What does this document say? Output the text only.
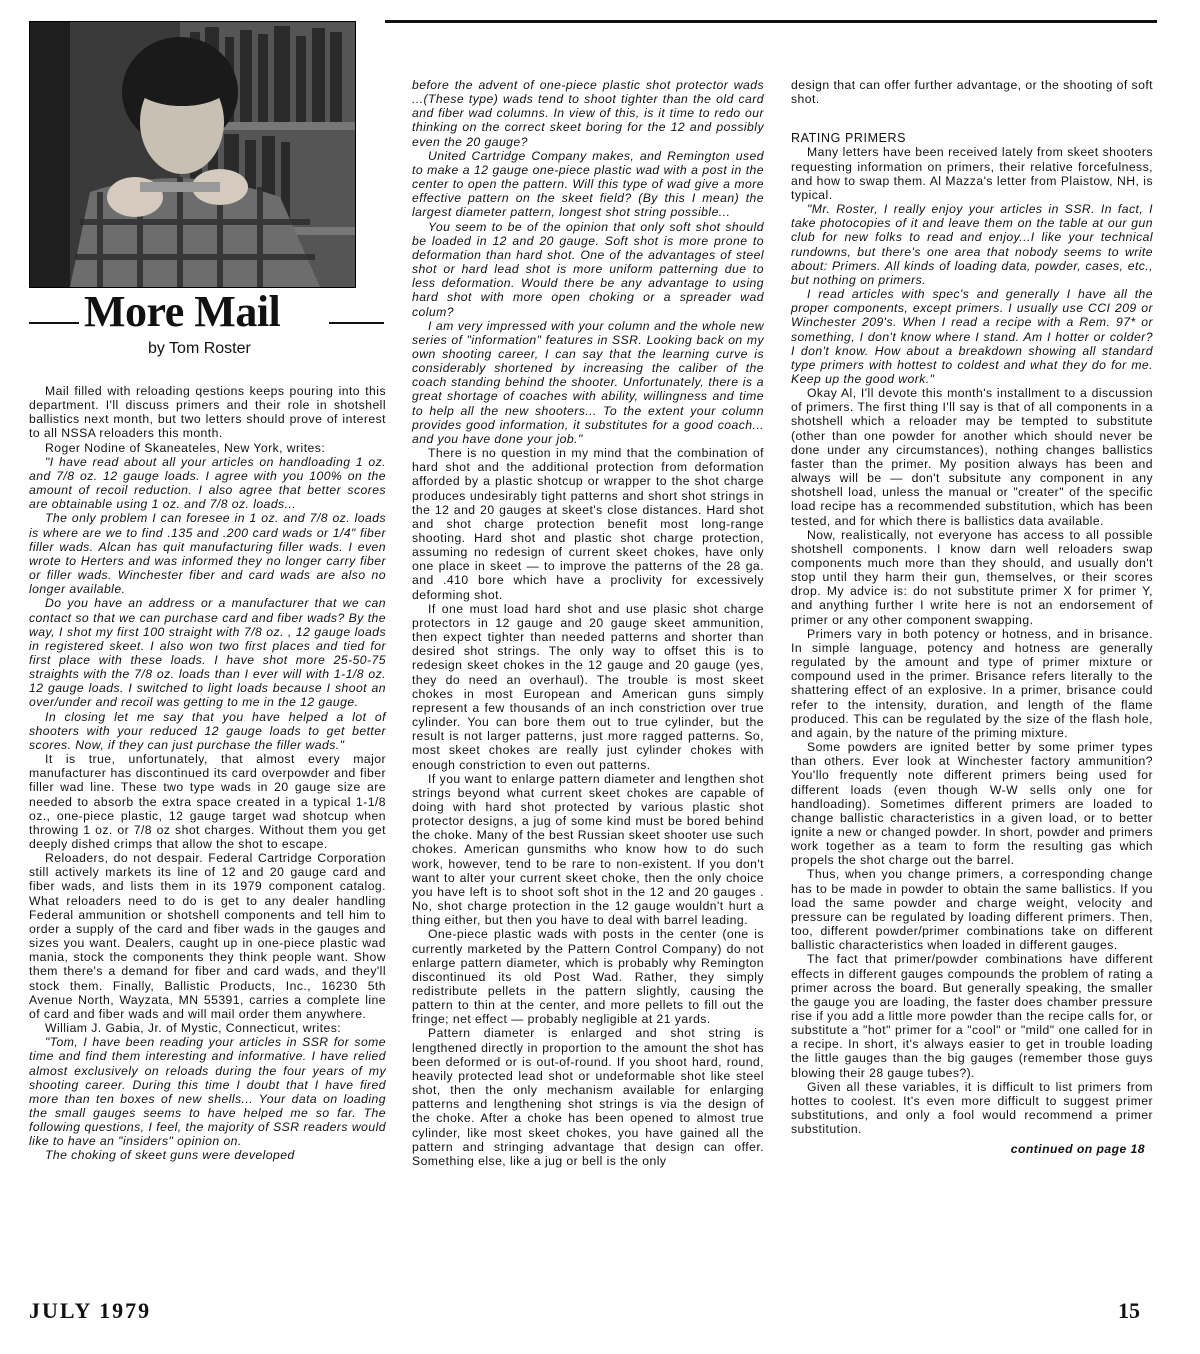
More Mail
by Tom Roster

Mail filled with reloading qestions keeps pouring into this department. I'll discuss primers and their role in shotshell ballistics next month, but two letters should prove of interest to all NSSA reloaders this month.

Roger Nodine of Skaneateles, New York, writes:

"I have read about all your articles on handloading 1 oz. and 7/8 oz. 12 gauge loads. I agree with you 100% on the amount of recoil reduction. I also agree that better scores are obtainable using 1 oz. and 7/8 oz. loads...

The only problem I can foresee in 1 oz. and 7/8 oz. loads is where are we to find .135 and .200 card wads or 1/4" fiber filler wads. Alcan has quit manufacturing filler wads. I even wrote to Herters and was informed they no longer carry fiber or filler wads. Winchester fiber and card wads are also no longer available.

Do you have an address or a manufacturer that we can contact so that we can purchase card and fiber wads? By the way, I shot my first 100 straight with 7/8 oz. , 12 gauge loads in registered skeet. I also won two first places and tied for first place with these loads. I have shot more 25-50-75 straights with the 7/8 oz. loads than I ever will with 1-1/8 oz. 12 gauge loads. I switched to light loads because I shoot an over/under and recoil was getting to me in the 12 gauge.

In closing let me say that you have helped a lot of shooters with your reduced 12 gauge loads to get better scores. Now, if they can just purchase the filler wads."

It is true, unfortunately, that almost every major manufacturer has discontinued its card overpowder and fiber filler wad line. These two type wads in 20 gauge size are needed to absorb the extra space created in a typical 1-1/8 oz., one-piece plastic, 12 gauge target wad shotcup when throwing 1 oz. or 7/8 oz shot charges. Without them you get deeply dished crimps that allow the shot to escape.

Reloaders, do not despair. Federal Cartridge Corporation still actively markets its line of 12 and 20 gauge card and fiber wads, and lists them in its 1979 component catalog. What reloaders need to do is get to any dealer handling Federal ammunition or shotshell components and tell him to order a supply of the card and fiber wads in the gauges and sizes you want. Dealers, caught up in one-piece plastic wad mania, stock the components they think people want. Show them there's a demand for fiber and card wads, and they'll stock them. Finally, Ballistic Products, Inc., 16230 5th Avenue North, Wayzata, MN 55391, carries a complete line of card and fiber wads and will mail order them anywhere.

William J. Gabia, Jr. of Mystic, Connecticut, writes:

"Tom, I have been reading your articles in SSR for some time and find them interesting and informative. I have relied almost exclusively on reloads during the four years of my shooting career. During this time I doubt that I have fired more than ten boxes of new shells... Your data on loading the small gauges seems to have helped me so far. The following questions, I feel, the majority of SSR readers would like to have an "insiders" opinion on.

The choking of skeet guns were developed

before the advent of one-piece plastic shot protector wads ...(These type) wads tend to shoot tighter than the old card and fiber wad columns. In view of this, is it time to redo our thinking on the correct skeet boring for the 12 and possibly even the 20 gauge?

United Cartridge Company makes, and Remington used to make a 12 gauge one-piece plastic wad with a post in the center to open the pattern. Will this type of wad give a more effective pattern on the skeet field? (By this I mean) the largest diameter pattern, longest shot string possible...

You seem to be of the opinion that only soft shot should be loaded in 12 and 20 gauge. Soft shot is more prone to deformation than hard shot. One of the advantages of steel shot or hard lead shot is more uniform patterning due to less deformation. Would there be any advantage to using hard shot with more open choking or a spreader wad colum?

I am very impressed with your column and the whole new series of "information" features in SSR. Looking back on my own shooting career, I can say that the learning curve is considerably shortened by increasing the caliber of the coach standing behind the shooter. Unfortunately, there is a great shortage of coaches with ability, willingness and time to help all the new shooters... To the extent your column provides good information, it substitutes for a good coach... and you have done your job."

There is no question in my mind that the combination of hard shot and the additional protection from deformation afforded by a plastic shotcup or wrapper to the shot charge produces undesirably tight patterns and short shot strings in the 12 and 20 gauges at skeet's close distances. Hard shot and shot charge protection benefit most long-range shooting. Hard shot and plastic shot charge protection, assuming no redesign of current skeet chokes, have only one place in skeet — to improve the patterns of the 28 ga. and .410 bore which have a proclivity for excessively deforming shot.

If one must load hard shot and use plasic shot charge protectors in 12 gauge and 20 gauge skeet ammunition, then expect tighter than needed patterns and shorter than desired shot strings. The only way to offset this is to redesign skeet chokes in the 12 gauge and 20 gauge (yes, they do need an overhaul). The trouble is most skeet chokes in most European and American guns simply represent a few thousands of an inch constriction over true cylinder. You can bore them out to true cylinder, but the result is not larger patterns, just more ragged patterns. So, most skeet chokes are really just cylinder chokes with enough constriction to even out patterns.

If you want to enlarge pattern diameter and lengthen shot strings beyond what current skeet chokes are capable of doing with hard shot protected by various plastic shot protector designs, a jug of some kind must be bored behind the choke. Many of the best Russian skeet shooter use such chokes. American gunsmiths who know how to do such work, however, tend to be rare to non-existent. If you don't want to alter your current skeet choke, then the only choice you have left is to shoot soft shot in the 12 and 20 gauges . No, shot charge protection in the 12 gauge wouldn't hurt a thing either, but then you have to deal with barrel leading.

One-piece plastic wads with posts in the center (one is currently marketed by the Pattern Control Company) do not enlarge pattern diameter, which is probably why Remington discontinued its old Post Wad. Rather, they simply redistribute pellets in the pattern slightly, causing the pattern to thin at the center, and more pellets to fill out the fringe; net effect — probably negligible at 21 yards.

Pattern diameter is enlarged and shot string is lengthened directly in proportion to the amount the shot has been deformed or is out-of-round. If you shoot hard, round, heavily protected lead shot or undeformable shot like steel shot, then the only mechanism available for enlarging patterns and lengthening shot strings is via the design of the choke. After a choke has been opened to almost true cylinder, like most skeet chokes, you have gained all the pattern and stringing advantage that design can offer. Something else, like a jug or bell is the only

design that can offer further advantage, or the shooting of soft shot.

RATING PRIMERS

Many letters have been received lately from skeet shooters requesting information on primers, their relative forcefulness, and how to swap them. Al Mazza's letter from Plaistow, NH, is typical.

"Mr. Roster, I really enjoy your articles in SSR. In fact, I take photocopies of it and leave them on the table at our gun club for new folks to read and enjoy...I like your technical rundowns, but there's one area that nobody seems to write about: Primers. All kinds of loading data, powder, cases, etc., but nothing on primers.

I read articles with spec's and generally I have all the proper components, except primers. I usually use CCI 209 or Winchester 209's. When I read a recipe with a Rem. 97* or something, I don't know where I stand. Am I hotter or colder? I don't know. How about a breakdown showing all standard type primers with hottest to coldest and what they do for me. Keep up the good work."

Okay Al, I'll devote this month's installment to a discussion of primers. The first thing I'll say is that of all components in a shotshell which a reloader may be tempted to substitute (other than one powder for another which should never be done under any circumstances), nothing changes ballistics faster than the primer. My position always has been and always will be — don't subsitute any component in any shotshell load, unless the manual or "creater" of the specific load recipe has a recommended substitution, which has been tested, and for which there is ballistics data available.

Now, realistically, not everyone has access to all possible shotshell components. I know darn well reloaders swap components much more than they should, and usually don't stop until they harm their gun, themselves, or their scores drop. My advice is: do not substitute primer X for primer Y, and anything further I write here is not an endorsement of primer or any other component swapping.

Primers vary in both potency or hotness, and in brisance. In simple language, potency and hotness are generally regulated by the amount and type of primer mixture or compound used in the primer. Brisance refers literally to the shattering effect of an explosive. In a primer, brisance could refer to the intensity, duration, and length of the flame produced. This can be regulated by the size of the flash hole, and again, by the nature of the priming mixture.

Some powders are ignited better by some primer types than others. Ever look at Winchester factory ammunition? You'llo frequently note different primers being used for different loads (even though W-W sells only one for handloading). Sometimes different primers are loaded to change ballistic characteristics in a given load, or to better ignite a new or changed powder. In short, powder and primers work together as a team to form the resulting gas which propels the shot charge out the barrel.

Thus, when you change primers, a corresponding change has to be made in powder to obtain the same ballistics. If you load the same powder and charge weight, velocity and pressure can be regulated by loading different primers. Then, too, different powder/primer combinations take on different ballistic characteristics when loaded in different gauges.

The fact that primer/powder combinations have different effects in different gauges compounds the problem of rating a primer across the board. But generally speaking, the smaller the gauge you are loading, the faster does chamber pressure rise if you add a little more powder than the recipe calls for, or substitute a "hot" primer for a "cool" or "mild" one called for in a recipe. In short, it's always easier to get in trouble loading the little gauges than the big gauges (remember those guys blowing their 28 gauge tubes?).

Given all these variables, it is difficult to list primers from hottes to coolest. It's even more difficult to suggest primer substitutions, and only a fool would recommend a primer substitution.

continued on page 18

JULY 1979	15
